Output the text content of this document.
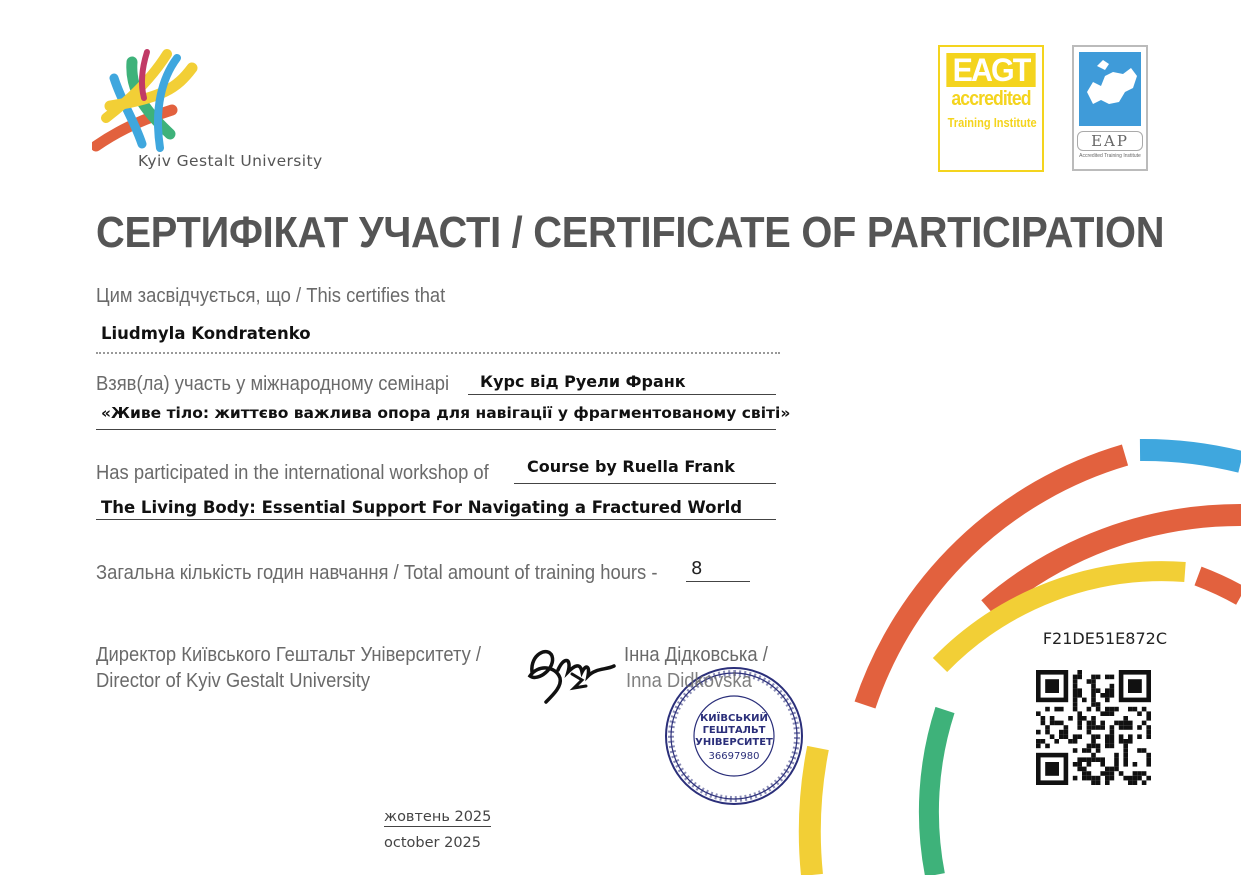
Kyiv Gestalt University
EAGT
accredited
Training Institute
EAP
Accredited Training Institute
СЕРТИФІКАТ УЧАСТІ / CERTIFICATE OF PARTICIPATION
Цим засвідчується, що / This certifies that
Liudmyla Kondratenko
Взяв(ла) участь у міжнародному семінарі Курс від Руели Франк
«Живе тіло: життєво важлива опора для навігації у фрагментованому світі»
Has participated in the international workshop of Course by Ruella Frank
The Living Body: Essential Support For Navigating a Fractured World
Загальна кількість годин навчання / Total amount of training hours - 8
Директор Київського Гештальт Університету /
Director of Kyiv Gestalt University
КИЇВСЬКИЙ
ГЕШТАЛЬТ
УНІВЕРСИТЕТ
36697980
Інна Дідковська /
Inna Didkovska
жовтень 2025
october 2025
F21DE51E872C
